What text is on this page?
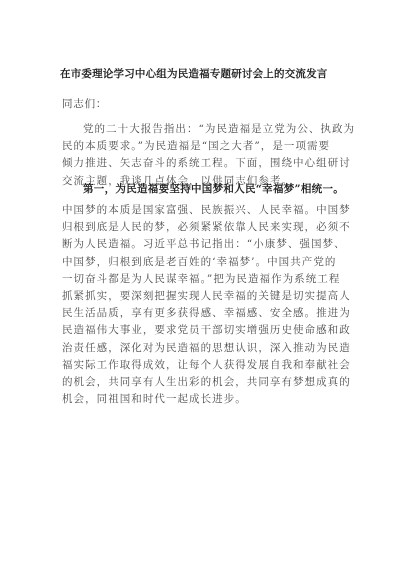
在市委理论学习中心组为民造福专题研讨会上的交流发言
同志们：
党的二十大报告指出：“为民造福是立党为公、执政为
民的本质要求。”为民造福是“国之大者”，是一项需要
倾力推进、矢志奋斗的系统工程。下面，围绕中心组研讨
交流主题，我谈几点体会，以供同志们参考。
第一，为民造福要坚持中国梦和人民“幸福梦”相统一。
中国梦的本质是国家富强、民族振兴、人民幸福。中国梦
归根到底是人民的梦，必须紧紧依靠人民来实现，必须不
断为人民造福。习近平总书记指出：“小康梦、强国梦、
中国梦，归根到底是老百姓的‘幸福梦’。中国共产党的
一切奋斗都是为人民谋幸福。”把为民造福作为系统工程
抓紧抓实，要深刻把握实现人民幸福的关键是切实提高人
民生活品质，享有更多获得感、幸福感、安全感。推进为
民造福伟大事业，要求党员干部切实增强历史使命感和政
治责任感，深化对为民造福的思想认识，深入推动为民造
福实际工作取得成效，让每个人获得发展自我和奉献社会
的机会，共同享有人生出彩的机会，共同享有梦想成真的
机会，同祖国和时代一起成长进步。
